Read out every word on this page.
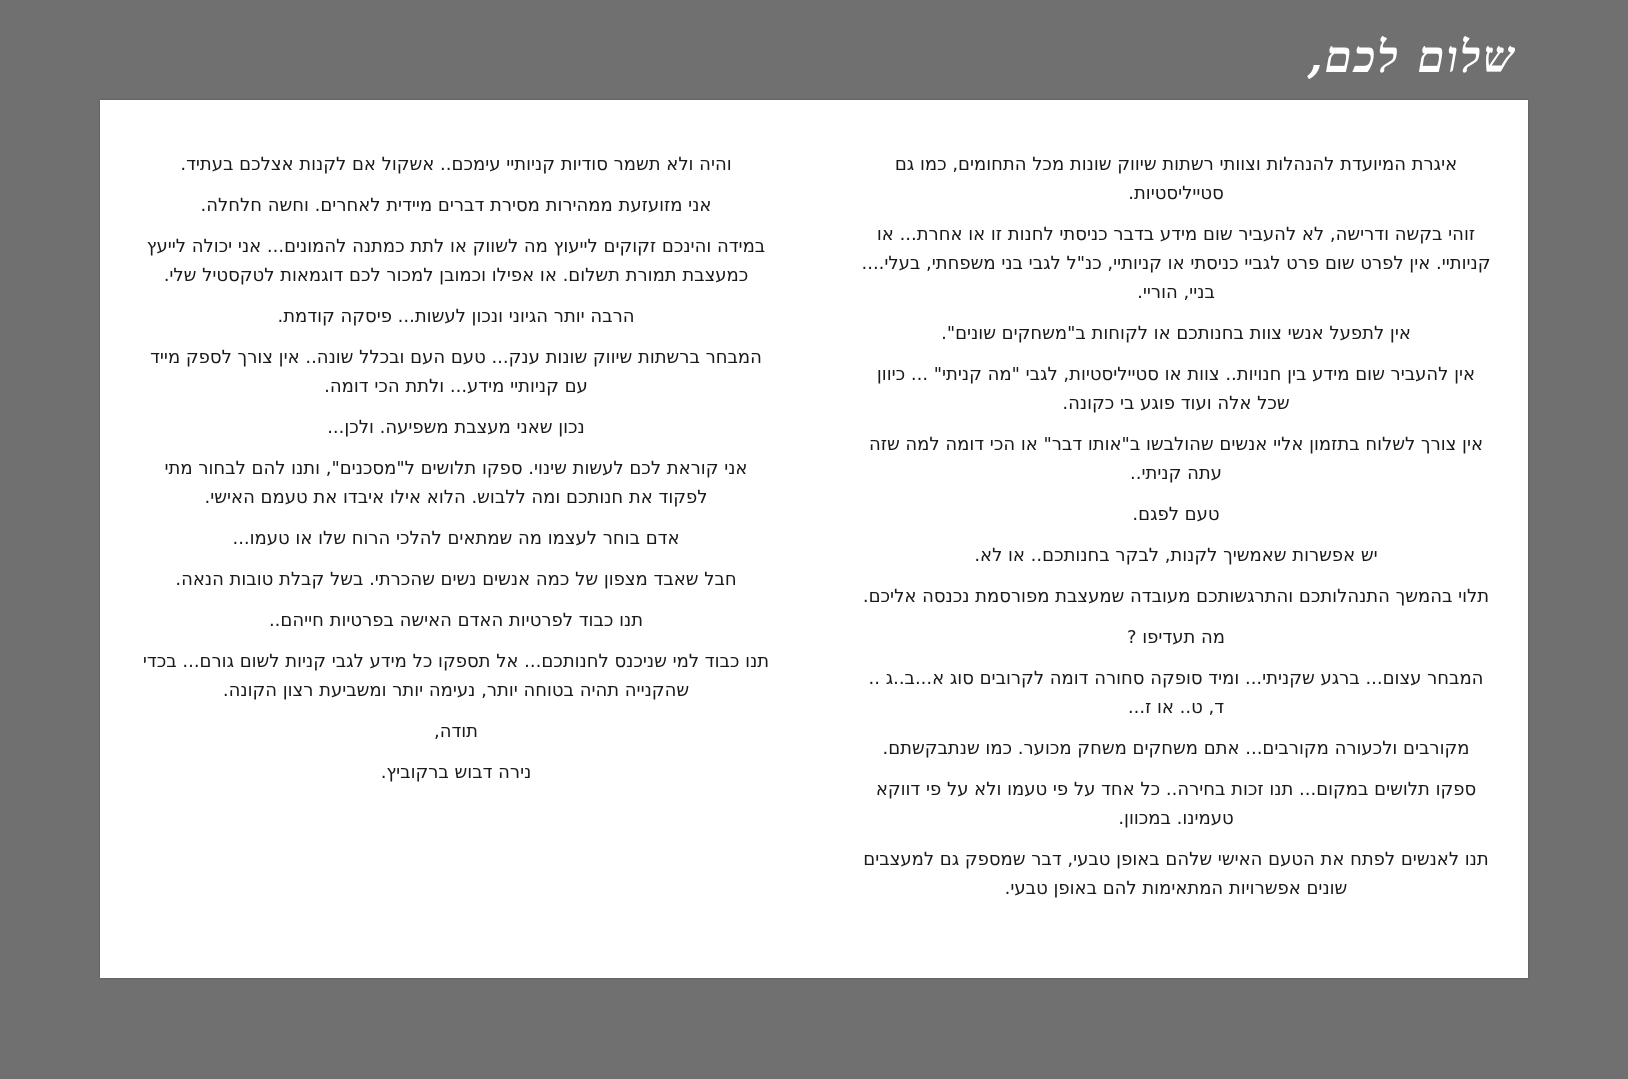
שלום לכם,

איגרת המיועדת להנהלות וצוותי רשתות שיווק שונות מכל התחומים, כמו גם סטייליסטיות.

זוהי בקשה ודרישה, לא להעביר שום מידע בדבר כניסתי לחנות זו או אחרת... או קניותיי. אין לפרט שום פרט לגביי כניסתי או קניותיי, כנ"ל לגבי בני משפחתי, בעלי.... בניי, הוריי.

אין לתפעל אנשי צוות בחנותכם או לקוחות ב"משחקים שונים".

אין להעביר שום מידע בין חנויות.. צוות או סטייליסטיות, לגבי "מה קניתי" ... כיוון שכל אלה ועוד פוגע בי כקונה.

אין צורך לשלוח בתזמון אליי אנשים שהולבשו ב"אותו דבר" או הכי דומה למה שזה עתה קניתי..

טעם לפגם.

יש אפשרות שאמשיך לקנות, לבקר בחנותכם.. או לא.

תלוי בהמשך התנהלותכם והתרגשותכם מעובדה שמעצבת מפורסמת נכנסה אליכם.

מה תעדיפו ?

המבחר עצום... ברגע שקניתי... ומיד סופקה סחורה דומה לקרובים סוג א...ב..ג .. ד, ט.. או ז...

מקורבים ולכעורה מקורבים... אתם משחקים משחק מכוער. כמו שנתבקשתם.

ספקו תלושים במקום... תנו זכות בחירה.. כל אחד על פי טעמו ולא על פי דווקא טעמינו. במכוון.

תנו לאנשים לפתח את הטעם האישי שלהם באופן טבעי, דבר שמספק גם למעצבים שונים אפשרויות המתאימות להם באופן טבעי.

והיה ולא תשמר סודיות קניותיי עימכם.. אשקול אם לקנות אצלכם בעתיד.

אני מזועזעת ממהירות מסירת דברים מיידית לאחרים. וחשה חלחלה.

במידה והינכם זקוקים לייעוץ מה לשווק או לתת כמתנה להמונים... אני יכולה לייעץ כמעצבת תמורת תשלום. או אפילו וכמובן למכור לכם דוגמאות לטקסטיל שלי.

הרבה יותר הגיוני ונכון לעשות... פיסקה קודמת.

המבחר ברשתות שיווק שונות ענק... טעם העם ובכלל שונה.. אין צורך לספק מייד עם קניותיי מידע... ולתת הכי דומה.

נכון שאני מעצבת משפיעה. ולכן...

אני קוראת לכם לעשות שינוי. ספקו תלושים ל"מסכנים", ותנו להם לבחור מתי לפקוד את חנותכם ומה ללבוש. הלוא אילו איבדו את טעמם האישי.

אדם בוחר לעצמו מה שמתאים להלכי הרוח שלו או טעמו...

חבל שאבד מצפון של כמה אנשים נשים שהכרתי. בשל קבלת טובות הנאה.

תנו כבוד לפרטיות האדם האישה בפרטיות חייהם..

תנו כבוד למי שניכנס לחנותכם... אל תספקו כל מידע לגבי קניות לשום גורם... בכדי שהקנייה תהיה בטוחה יותר, נעימה יותר ומשביעת רצון הקונה.

תודה,

נירה דבוש ברקוביץ.
